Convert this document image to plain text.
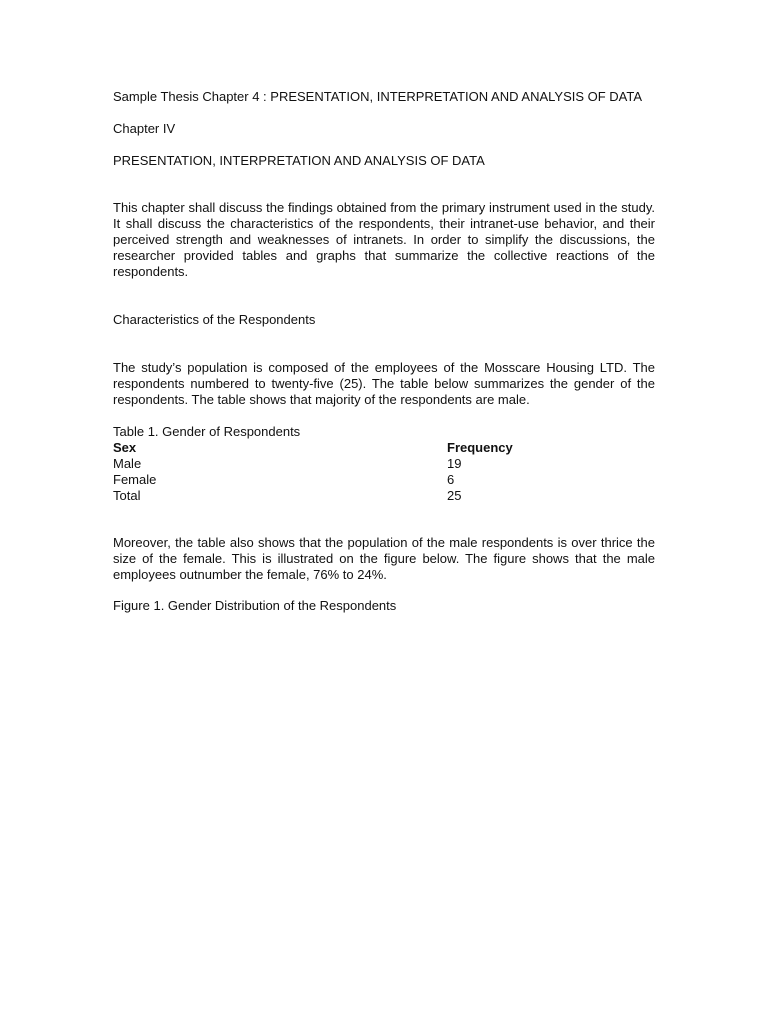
Sample Thesis Chapter 4 : PRESENTATION, INTERPRETATION AND ANALYSIS OF DATA

Chapter IV

PRESENTATION, INTERPRETATION AND ANALYSIS OF DATA

This chapter shall discuss the findings obtained from the primary instrument used in the study. It shall discuss the characteristics of the respondents, their intranet-use behavior, and their perceived strength and weaknesses of intranets. In order to simplify the discussions, the researcher provided tables and graphs that summarize the collective reactions of the respondents.

Characteristics of the Respondents

The study’s population is composed of the employees of the Mosscare Housing LTD. The respondents numbered to twenty-five (25). The table below summarizes the gender of the respondents. The table shows that majority of the respondents are male.

Table 1. Gender of Respondents

Sex	Frequency
Male	19
Female	6
Total	25

Moreover, the table also shows that the population of the male respondents is over thrice the size of the female. This is illustrated on the figure below. The figure shows that the male employees outnumber the female, 76% to 24%.

Figure 1. Gender Distribution of the Respondents
